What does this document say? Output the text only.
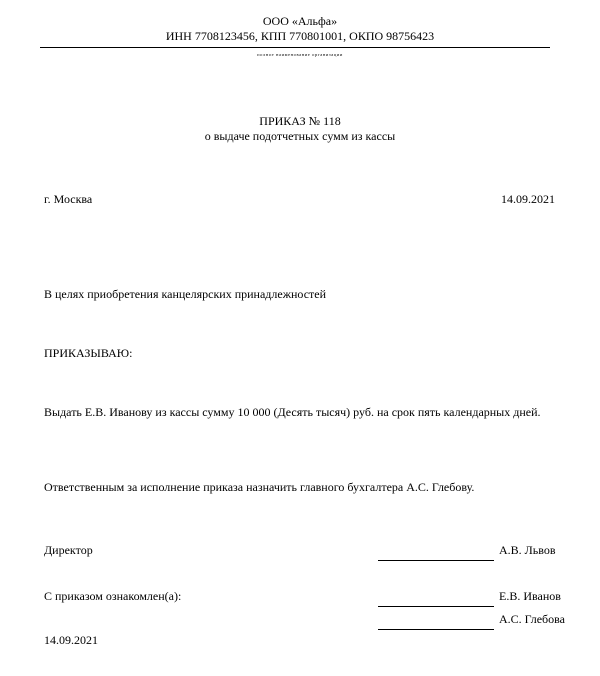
ООО «Альфа»
ИНН 7708123456, КПП 770801001, ОКПО 98756423
полное наименование организации
ПРИКАЗ № 118
о выдаче подотчетных сумм из кассы
г. Москва	14.09.2021
В целях приобретения канцелярских принадлежностей
ПРИКАЗЫВАЮ:
Выдать Е.В. Иванову из кассы сумму 10 000 (Десять тысяч) руб. на срок пять календарных дней.
Ответственным за исполнение приказа назначить главного бухгалтера А.С. Глебову.
Директор	А.В. Львов
С приказом ознакомлен(а):	Е.В. Иванов
А.С. Глебова
14.09.2021
